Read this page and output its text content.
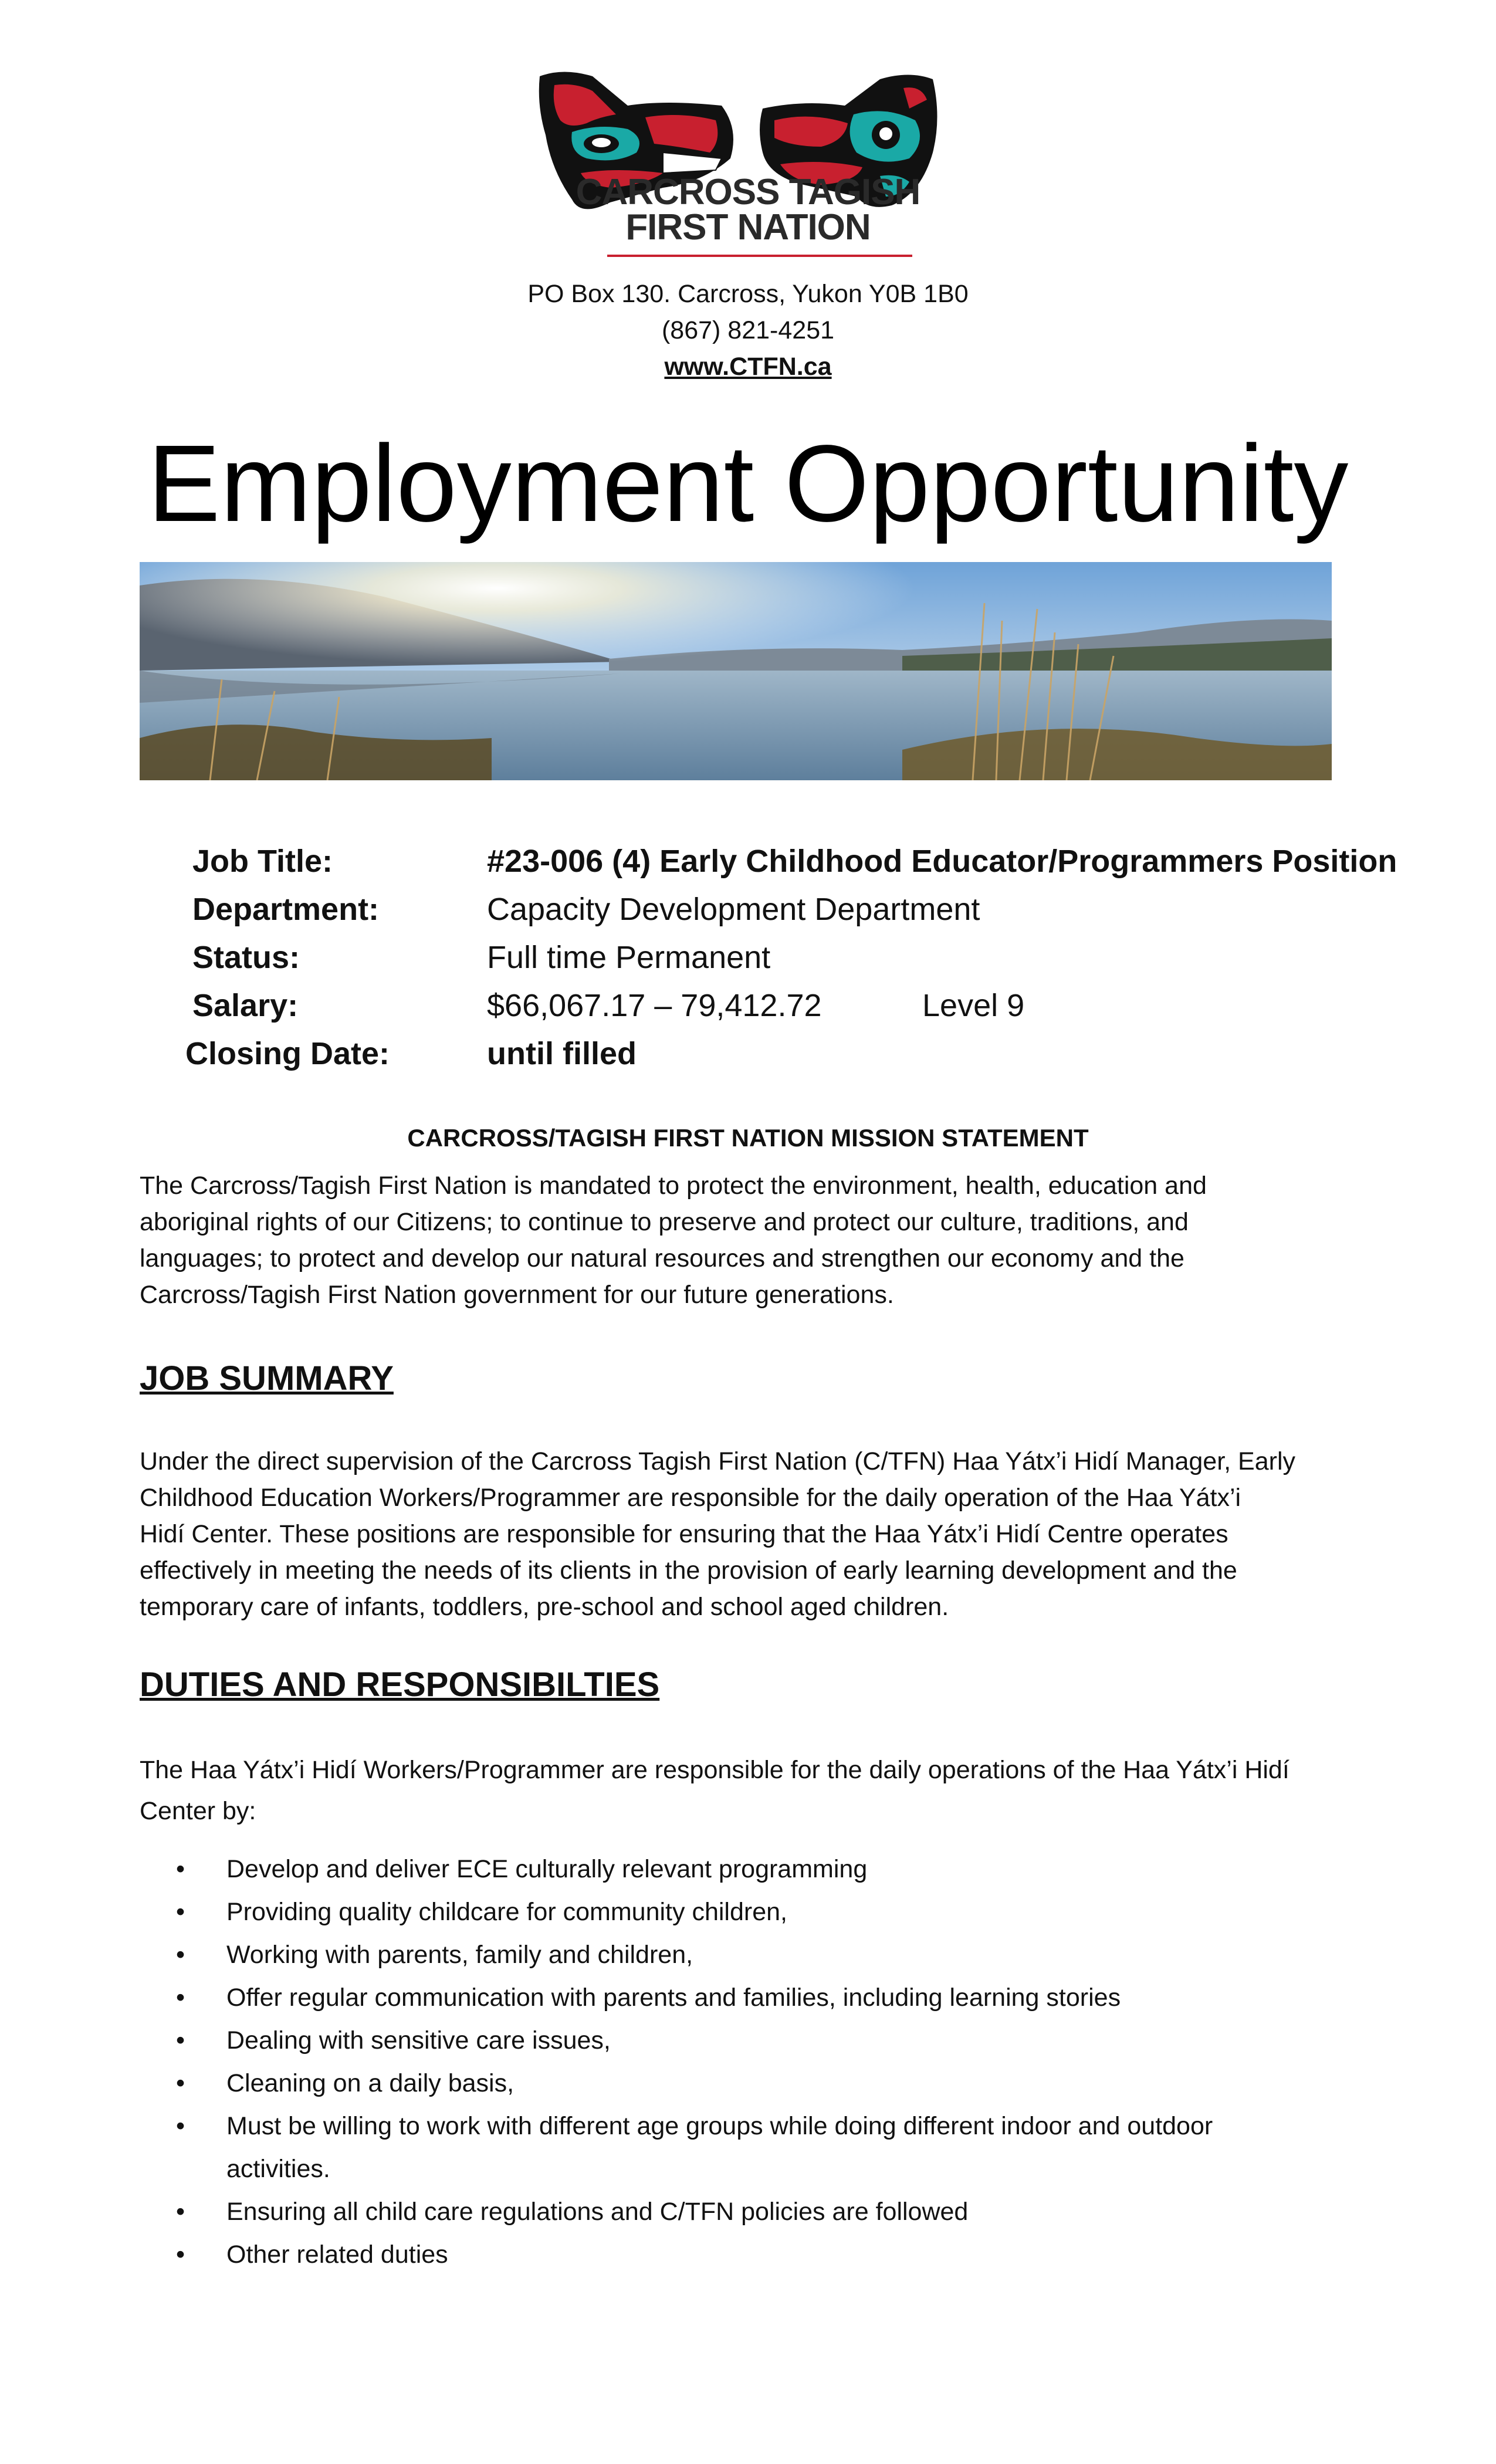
CARCROSS TAGISH
FIRST NATION
PO Box 130. Carcross, Yukon Y0B 1B0
(867) 821-4251
www.CTFN.ca
Employment Opportunity
Job Title:	#23-006 (4) Early Childhood Educator/Programmers Position
Department:	Capacity Development Department
Status:	Full time Permanent
Salary:	$66,067.17 – 79,412.72	Level 9
Closing Date:	until filled
CARCROSS/TAGISH FIRST NATION MISSION STATEMENT
The Carcross/Tagish First Nation is mandated to protect the environment, health, education and
aboriginal rights of our Citizens; to continue to preserve and protect our culture, traditions, and
languages; to protect and develop our natural resources and strengthen our economy and the
Carcross/Tagish First Nation government for our future generations.
JOB SUMMARY
Under the direct supervision of the Carcross Tagish First Nation (C/TFN) Haa Yátx’i Hidí Manager, Early
Childhood Education Workers/Programmer are responsible for the daily operation of the Haa Yátx’i
Hidí Center. These positions are responsible for ensuring that the Haa Yátx’i Hidí Centre operates
effectively in meeting the needs of its clients in the provision of early learning development and the
temporary care of infants, toddlers, pre-school and school aged children.
DUTIES AND RESPONSIBILTIES
The Haa Yátx’i Hidí Workers/Programmer are responsible for the daily operations of the Haa Yátx’i Hidí
Center by:
• Develop and deliver ECE culturally relevant programming
• Providing quality childcare for community children,
• Working with parents, family and children,
• Offer regular communication with parents and families, including learning stories
• Dealing with sensitive care issues,
• Cleaning on a daily basis,
• Must be willing to work with different age groups while doing different indoor and outdoor
activities.
• Ensuring all child care regulations and C/TFN policies are followed
• Other related duties
